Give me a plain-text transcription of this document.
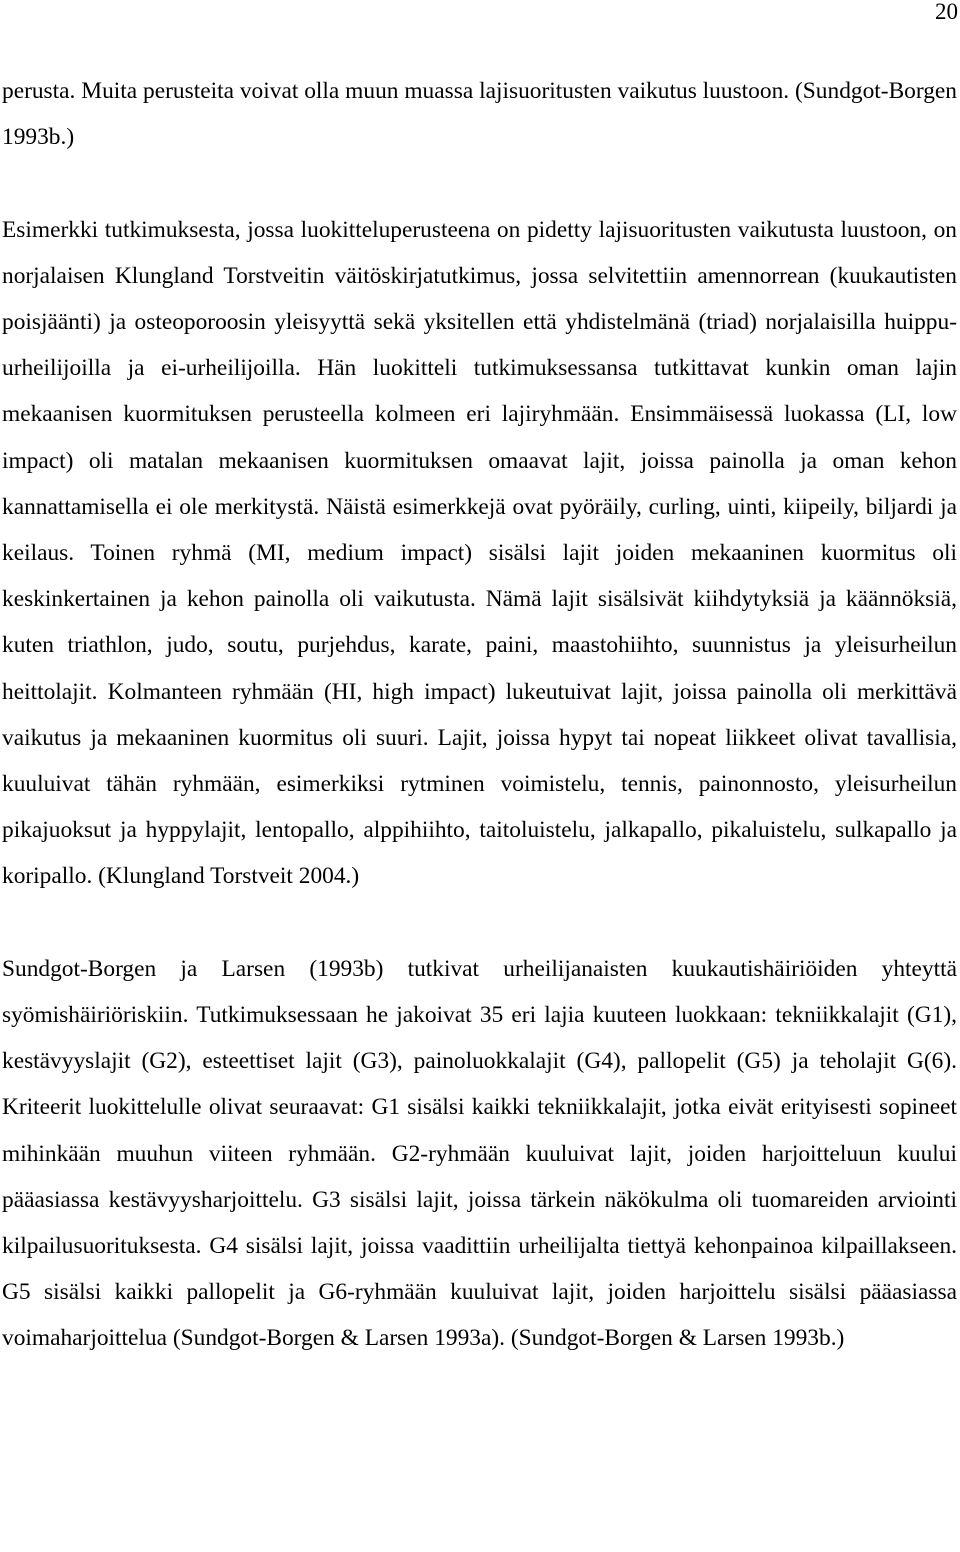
20

perusta. Muita perusteita voivat olla muun muassa lajisuoritusten vaikutus luustoon. (Sundgot-Borgen 1993b.)

Esimerkki tutkimuksesta, jossa luokitteluperusteena on pidetty lajisuoritusten vaikutusta luustoon, on norjalaisen Klungland Torstveitin väitöskirjatutkimus, jossa selvitettiin amennorrean (kuukautisten poisjäänti) ja osteoporoosin yleisyyttä sekä yksitellen että yhdistelmänä (triad) norjalaisilla huippu-urheilijoilla ja ei-urheilijoilla. Hän luokitteli tutkimuksessansa tutkittavat kunkin oman lajin mekaanisen kuormituksen perusteella kolmeen eri lajiryhmään. Ensimmäisessä luokassa (LI, low impact) oli matalan mekaanisen kuormituksen omaavat lajit, joissa painolla ja oman kehon kannattamisella ei ole merkitystä. Näistä esimerkkejä ovat pyöräily, curling, uinti, kiipeily, biljardi ja keilaus. Toinen ryhmä (MI, medium impact) sisälsi lajit joiden mekaaninen kuormitus oli keskinkertainen ja kehon painolla oli vaikutusta. Nämä lajit sisälsivät kiihdytyksiä ja käännöksiä, kuten triathlon, judo, soutu, purjehdus, karate, paini, maastohiihto, suunnistus ja yleisurheilun heittolajit. Kolmanteen ryhmään (HI, high impact) lukeutuivat lajit, joissa painolla oli merkittävä vaikutus ja mekaaninen kuormitus oli suuri. Lajit, joissa hypyt tai nopeat liikkeet olivat tavallisia, kuuluivat tähän ryhmään, esimerkiksi rytminen voimistelu, tennis, painonnosto, yleisurheilun pikajuoksut ja hyppylajit, lentopallo, alppihiihto, taitoluistelu, jalkapallo, pikaluistelu, sulkapallo ja koripallo. (Klungland Torstveit 2004.)

Sundgot-Borgen ja Larsen (1993b) tutkivat urheilijanaisten kuukautishäiriöiden yhteyttä syömishäiriöriskiin. Tutkimuksessaan he jakoivat 35 eri lajia kuuteen luokkaan: tekniikkalajit (G1), kestävyyslajit (G2), esteettiset lajit (G3), painoluokkalajit (G4), pallopelit (G5) ja teholajit G(6). Kriteerit luokittelulle olivat seuraavat: G1 sisälsi kaikki tekniikkalajit, jotka eivät erityisesti sopineet mihinkään muuhun viiteen ryhmään. G2-ryhmään kuuluivat lajit, joiden harjoitteluun kuului pääasiassa kestävyysharjoittelu. G3 sisälsi lajit, joissa tärkein näkökulma oli tuomareiden arviointi kilpailusuorituksesta. G4 sisälsi lajit, joissa vaadittiin urheilijalta tiettyä kehonpainoa kilpaillakseen. G5 sisälsi kaikki pallopelit ja G6-ryhmään kuuluivat lajit, joiden harjoittelu sisälsi pääasiassa voimaharjoittelua (Sundgot-Borgen & Larsen 1993a). (Sundgot-Borgen & Larsen 1993b.)
